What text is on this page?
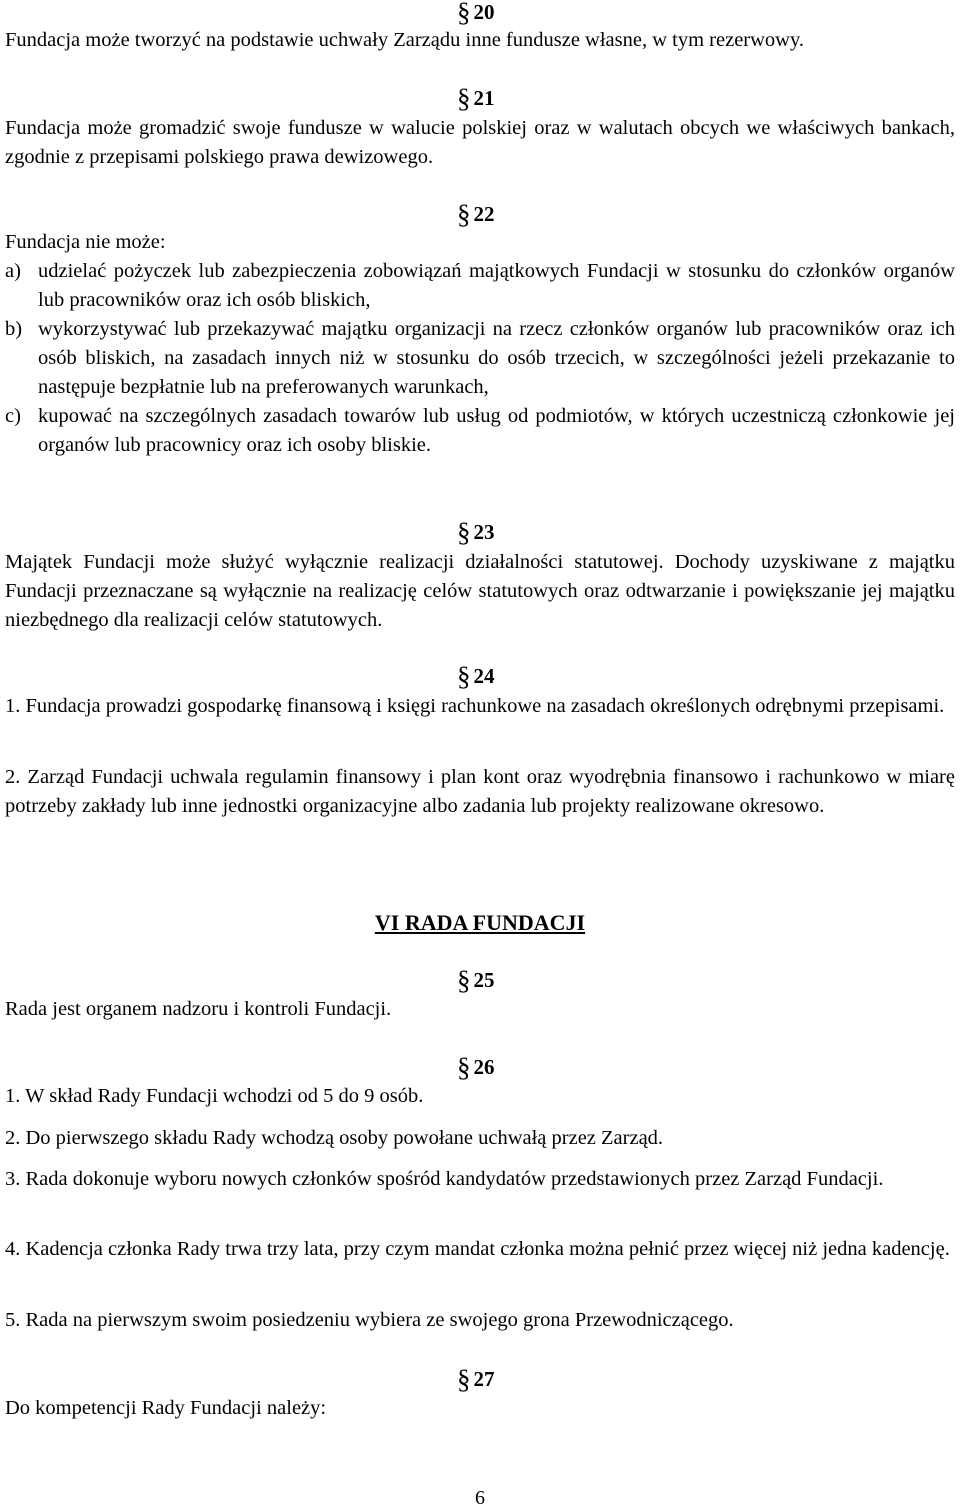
§ 20

Fundacja może tworzyć na podstawie uchwały Zarządu inne fundusze własne, w tym rezerwowy.

§ 21

Fundacja może gromadzić swoje fundusze w walucie polskiej oraz w walutach obcych we właściwych bankach, zgodnie z przepisami polskiego prawa dewizowego.

§ 22

Fundacja nie może:

a) udzielać pożyczek lub zabezpieczenia zobowiązań majątkowych Fundacji w stosunku do członków organów lub pracowników oraz ich osób bliskich,
b) wykorzystywać lub przekazywać majątku organizacji na rzecz członków organów lub pracowników oraz ich osób bliskich, na zasadach innych niż w stosunku do osób trzecich, w szczególności jeżeli przekazanie to następuje bezpłatnie lub na preferowanych warunkach,
c) kupować na szczególnych zasadach towarów lub usług od podmiotów, w których uczestniczą członkowie jej organów lub pracownicy oraz ich osoby bliskie.
§ 23

Majątek Fundacji może służyć wyłącznie realizacji działalności statutowej. Dochody uzyskiwane z majątku Fundacji przeznaczane są wyłącznie na realizację celów statutowych oraz odtwarzanie i powiększanie jej majątku niezbędnego dla realizacji celów statutowych.

§ 24

1. Fundacja prowadzi gospodarkę finansową i księgi rachunkowe na zasadach określonych odrębnymi przepisami.

2. Zarząd Fundacji uchwala regulamin finansowy i plan kont oraz wyodrębnia finansowo i rachunkowo w miarę potrzeby zakłady lub inne jednostki organizacyjne albo zadania lub projekty realizowane okresowo.

VI RADA FUNDACJI
§ 25

Rada jest organem nadzoru i kontroli Fundacji.

§ 26

1. W skład Rady Fundacji wchodzi od 5 do 9 osób.

2. Do pierwszego składu Rady wchodzą osoby powołane uchwałą przez Zarząd.

3. Rada dokonuje wyboru nowych członków spośród kandydatów przedstawionych przez Zarząd Fundacji.

4. Kadencja członka Rady trwa trzy lata, przy czym mandat członka można pełnić przez więcej niż jedna kadencję.

5. Rada na pierwszym swoim posiedzeniu wybiera ze swojego grona Przewodniczącego.

§ 27

Do kompetencji Rady Fundacji należy:

6
